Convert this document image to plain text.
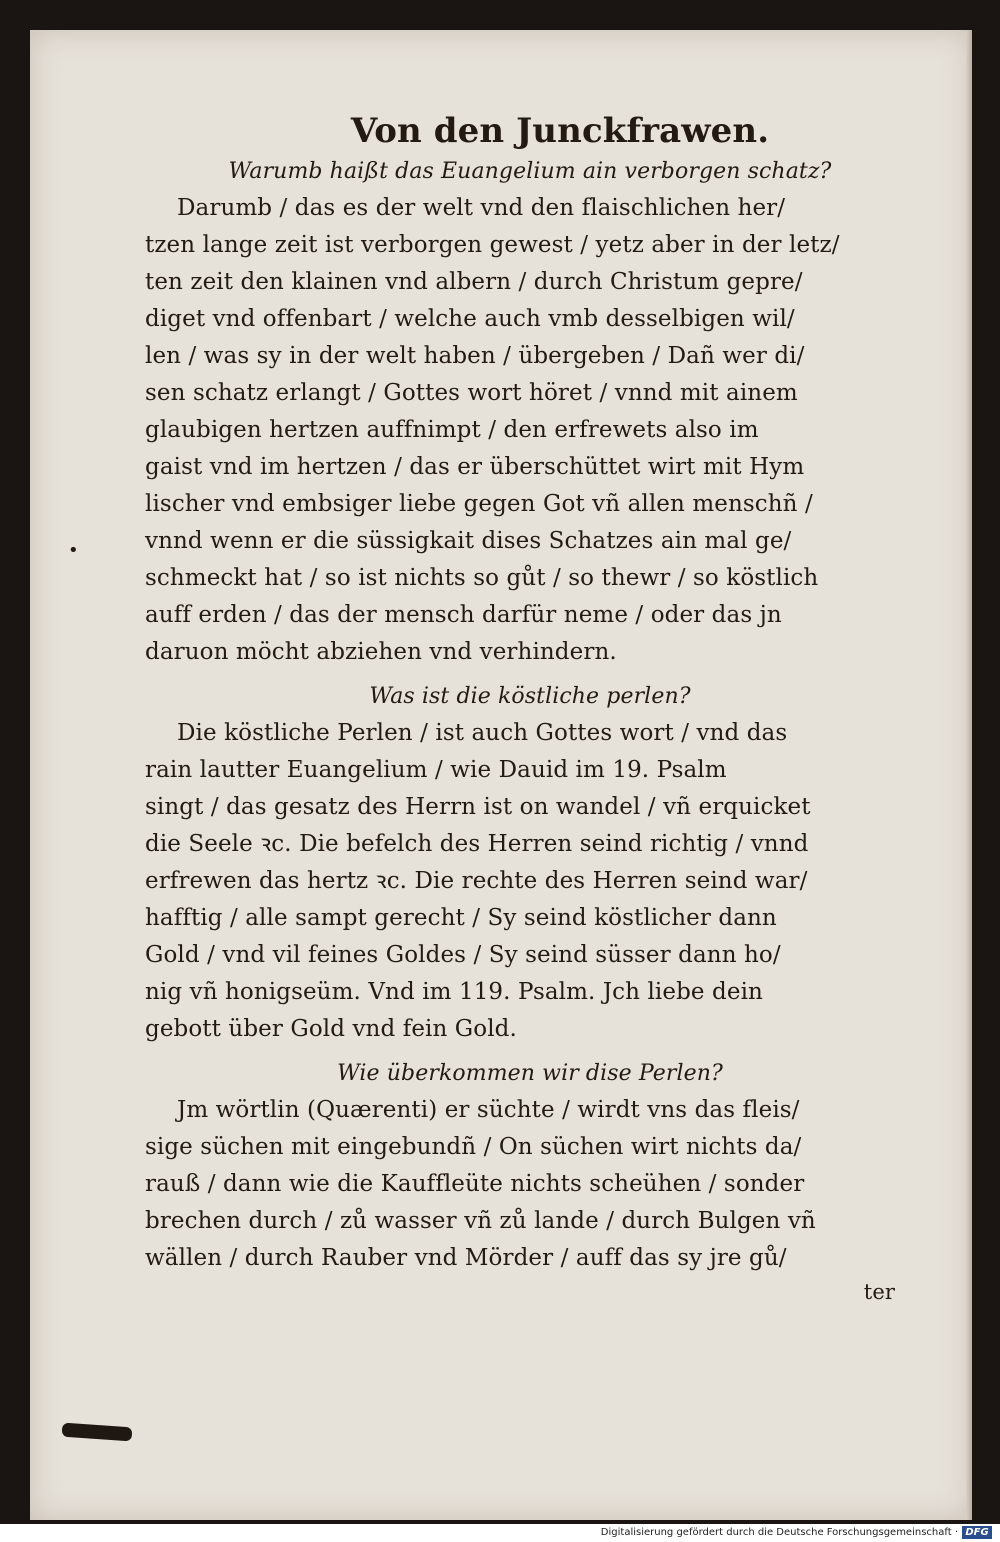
•
Von den Junckfrawen.
Warumb haißt das Euangelium ain verborgen schatz?
Darumb / das es der welt vnd den flaischlichen her/
tzen lange zeit ist verborgen gewest / yetz aber in der letz/
ten zeit den klainen vnd albern / durch Christum gepre/
diget vnd offenbart / welche auch vmb desselbigen wil/
len / was sy in der welt haben / übergeben / Dañ wer di/
sen schatz erlangt / Gottes wort höret / vnnd mit ainem
glaubigen hertzen auffnimpt / den erfrewets also im
gaist vnd im hertzen / das er überschüttet wirt mit Hym
lischer vnd embsiger liebe gegen Got vñ allen menschñ /
vnnd wenn er die süssigkait dises Schatzes ain mal ge/
schmeckt hat / so ist nichts so gůt / so thewr / so köstlich
auff erden / das der mensch darfür neme / oder das jn
daruon möcht abziehen vnd verhindern.
Was ist die köstliche perlen?
Die köstliche Perlen / ist auch Gottes wort / vnd das
rain lautter Euangelium / wie Dauid im 19. Psalm
singt / das gesatz des Herrn ist on wandel / vñ erquicket
die Seele ꝛc. Die befelch des Herren seind richtig / vnnd
erfrewen das hertz ꝛc. Die rechte des Herren seind war/
hafftig / alle sampt gerecht / Sy seind köstlicher dann
Gold / vnd vil feines Goldes / Sy seind süsser dann ho/
nig vñ honigseüm. Vnd im 119. Psalm. Jch liebe dein
gebott über Gold vnd fein Gold.
Wie überkommen wir dise Perlen?
Jm wörtlin (Quærenti) er süchte / wirdt vns das fleis/
sige süchen mit eingebundñ / On süchen wirt nichts da/
rauß / dann wie die Kauffleüte nichts scheühen / sonder
brechen durch / zů wasser vñ zů lande / durch Bulgen vñ
wällen / durch Rauber vnd Mörder / auff das sy jre gů/
ter
Digitalisierung gefördert durch die Deutsche Forschungsgemeinschaft · DFG
